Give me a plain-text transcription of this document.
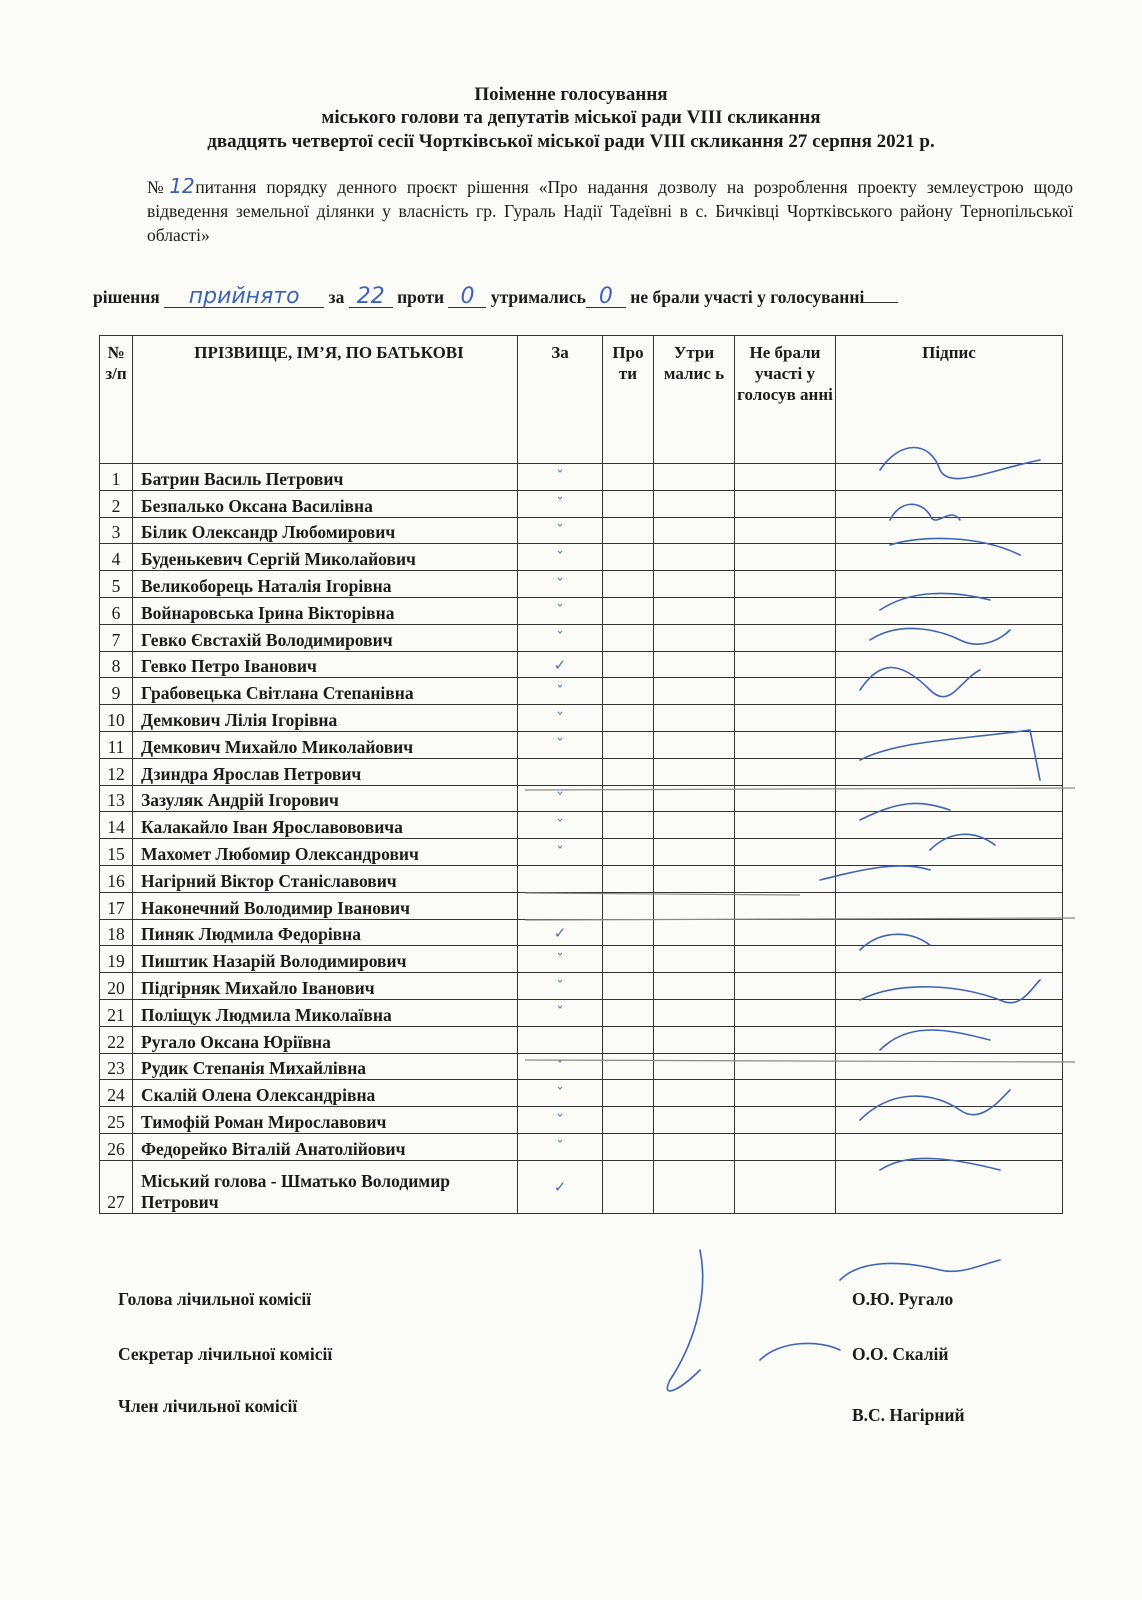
Поіменне голосування
міського голови та депутатів міської ради VIII скликання
двадцять четвертої сесії Чортківської міської ради VIII скликання 27 серпня 2021 р.
№12питання порядку денного проєкт рішення «Про надання дозволу на розроблення проекту землеустрою щодо відведення земельної ділянки у власність гр. Гураль Надії Тадеївні в с. Бичківці Чортківського району Тернопільської області»
рішення прийнято за 22 проти 0 утримались 0 не брали участі у голосуванні
№ з/п	ПРІЗВИЩЕ, ІМ’Я, ПО БАТЬКОВІ	За	Про ти	Утри малис ь	Не брали участі у голосув анні	Підпис
1	Батрин Василь Петрович	ˇ				
2	Безпалько Оксана Василівна	ˇ				
3	Білик Олександр Любомирович	ˇ				
4	Буденькевич Сергій Миколайович	ˇ				
5	Великоборець Наталія Ігорівна	ˇ				
6	Войнаровська Ірина Вікторівна	ˇ				
7	Гевко Євстахій Володимирович	ˇ				
8	Гевко Петро Іванович	✓				
9	Грабовецька Світлана Степанівна	ˇ				
10	Демкович Лілія Ігорівна	ˇ				
11	Демкович Михайло Миколайович	ˇ				
12	Дзиндра Ярослав Петрович					
13	Зазуляк Андрій Ігорович	ˇ				
14	Калакайло Іван Ярославововича	ˇ				
15	Махомет Любомир Олександрович	ˇ				
16	Нагірний Віктор Станіславович					
17	Наконечний Володимир Іванович					
18	Пиняк Людмила Федорівна	✓				
19	Пиштик Назарій Володимирович	ˇ				
20	Підгірняк Михайло Іванович	ˇ				
21	Поліщук Людмила Миколаївна	ˇ				
22	Ругало Оксана Юріївна					
23	Рудик Степанія Михайлівна	ˇ				
24	Скалій Олена Олександрівна	ˇ				
25	Тимофій Роман Мирославович	ˇ				
26	Федорейко Віталій Анатолійович	ˇ				
27	Міський голова - Шматько Володимир Петрович	✓				
Голова лічильної комісії	О.Ю. Ругало
Секретар лічильної комісії	О.О. Скалій
Член лічильної комісії	В.С. Нагірний
